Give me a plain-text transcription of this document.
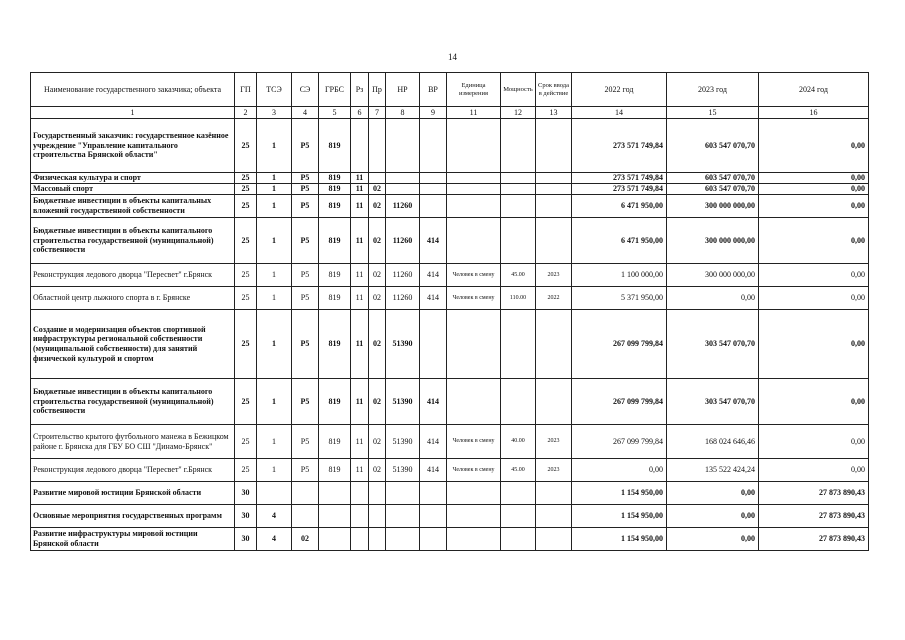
14
Наименование государственного заказчика; объекта	ГП	ТСЭ	СЭ	ГРБС	Рз	Пр	НР	ВР	Единица измерения	Мощность	Срок ввода в действие	2022 год	2023 год	2024 год
1	2	3	4	5	6	7	8	9	11	12	13	14	15	16
Государственный заказчик: государственное казённое учреждение "Управление капитального строительства Брянской области"	25	1	Р5	819								273 571 749,84	603 547 070,70	0,00
Физическая культура и спорт	25	1	Р5	819	11							273 571 749,84	603 547 070,70	0,00
Массовый спорт	25	1	Р5	819	11	02						273 571 749,84	603 547 070,70	0,00
Бюджетные инвестиции в объекты капитальных вложений государственной собственности	25	1	Р5	819	11	02	11260					6 471 950,00	300 000 000,00	0,00
Бюджетные инвестиции в объекты капитального строительства государственной (муниципальной) собственности	25	1	Р5	819	11	02	11260	414				6 471 950,00	300 000 000,00	0,00
Реконструкция ледового дворца "Пересвет" г.Брянск	25	1	Р5	819	11	02	11260	414	Человек в смену	45.00	2023	1 100 000,00	300 000 000,00	0,00
Областной центр лыжного спорта в г. Брянске	25	1	Р5	819	11	02	11260	414	Человек в смену	110.00	2022	5 371 950,00	0,00	0,00
Создание и модернизация объектов спортивной инфраструктуры региональной собственности (муниципальной собственности) для занятий физической культурой и спортом	25	1	Р5	819	11	02	51390					267 099 799,84	303 547 070,70	0,00
Бюджетные инвестиции в объекты капитального строительства государственной (муниципальной) собственности	25	1	Р5	819	11	02	51390	414				267 099 799,84	303 547 070,70	0,00
Строительство крытого футбольного манежа в Бежицком районе г. Брянска для ГБУ БО СШ "Динамо-Брянск"	25	1	Р5	819	11	02	51390	414	Человек в смену	40.00	2023	267 099 799,84	168 024 646,46	0,00
Реконструкция ледового дворца "Пересвет" г.Брянск	25	1	Р5	819	11	02	51390	414	Человек в смену	45.00	2023	0,00	135 522 424,24	0,00
Развитие мировой юстиции Брянской области	30											1 154 950,00	0,00	27 873 890,43
Основные мероприятия государственных программ	30	4										1 154 950,00	0,00	27 873 890,43
Развитие инфраструктуры мировой юстиции Брянской области	30	4	02									1 154 950,00	0,00	27 873 890,43
